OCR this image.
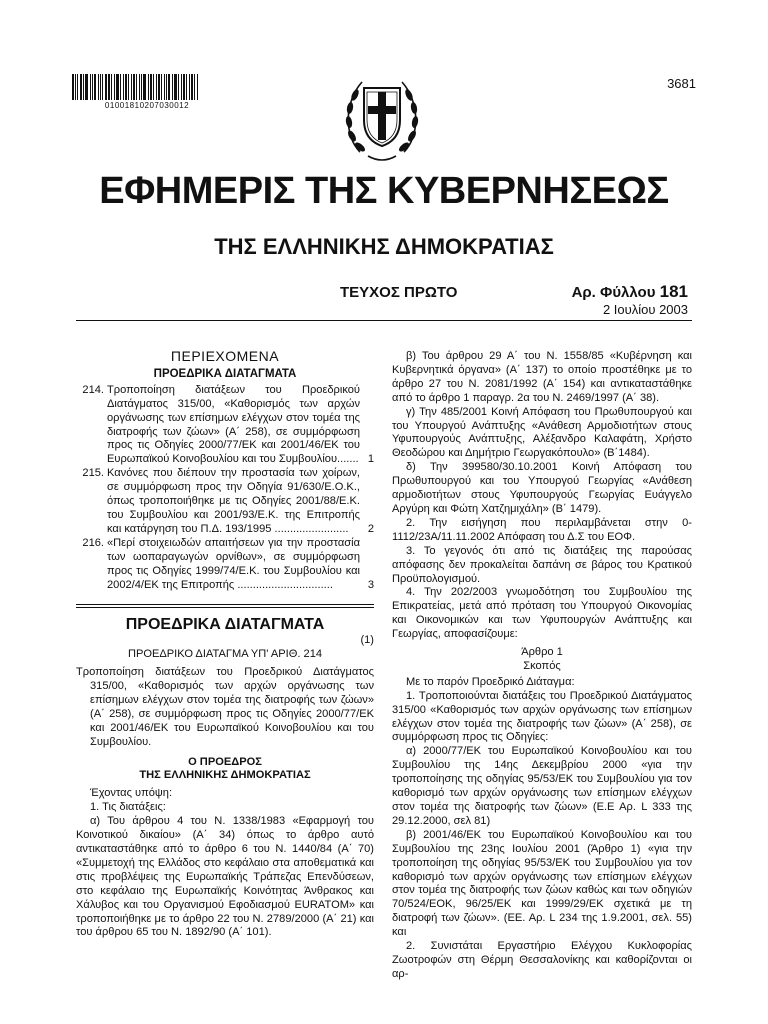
01001810207030012
3681
ΕΦΗΜΕΡΙΣ ΤΗΣ ΚΥΒΕΡΝΗΣΕΩΣ
ΤΗΣ ΕΛΛΗΝΙΚΗΣ ΔΗΜΟΚΡΑΤΙΑΣ
ΤΕΥΧΟΣ ΠΡΩΤΟ	Αρ. Φύλλου 181
2 Ιουλίου 2003
ΠΕΡΙΕΧΟΜΕΝΑ
ΠΡΟΕΔΡΙΚΑ ΔΙΑΤΑΓΜΑΤΑ
214. Τροποποίηση διατάξεων του Προεδρικού Διατάγματος 315/00, «Καθορισμός των αρχών οργάνωσης των επίσημων ελέγχων στον τομέα της διατροφής των ζώων» (Α΄ 258), σε συμμόρφωση προς τις Οδηγίες 2000/77/ΕΚ και 2001/46/ΕΚ του Ευρωπαϊκού Κοινοβουλίου και του Συμβουλίου....... 1
215. Κανόνες που διέπουν την προστασία των χοίρων, σε συμμόρφωση προς την Οδηγία 91/630/Ε.Ο.Κ., όπως τροποποιήθηκε με τις Οδηγίες 2001/88/Ε.Κ. του Συμβουλίου και 2001/93/Ε.Κ. της Επιτροπής και κατάργηση του Π.Δ. 193/1995 ........................	2
216. «Περί στοιχειωδών απαιτήσεων για την προστασία των ωοπαραγωγών ορνίθων», σε συμμόρφωση προς τις Οδηγίες 1999/74/Ε.Κ. του Συμβουλίου και 2002/4/ΕΚ της Επιτροπής ...............................	3
ΠΡΟΕΔΡΙΚΑ ΔΙΑΤΑΓΜΑΤΑ
(1)

ΠΡΟΕΔΡΙΚΟ ΔΙΑΤΑΓΜΑ ΥΠ' ΑΡΙΘ. 214

Τροποποίηση διατάξεων του Προεδρικού Διατάγματος 315/00, «Καθορισμός των αρχών οργάνωσης των επίσημων ελέγχων στον τομέα της διατροφής των ζώων» (Α΄ 258), σε συμμόρφωση προς τις Οδηγίες 2000/77/ΕΚ και 2001/46/ΕΚ του Ευρωπαϊκού Κοινοβουλίου και του Συμβουλίου.

Ο ΠΡΟΕΔΡΟΣ

ΤΗΣ ΕΛΛΗΝΙΚΗΣ ΔΗΜΟΚΡΑΤΙΑΣ

Έχοντας υπόψη:

1. Τις διατάξεις:

α) Του άρθρου 4 του Ν. 1338/1983 «Εφαρμογή του Κοινοτικού δικαίου» (Α΄ 34) όπως το άρθρο αυτό αντικαταστάθηκε από το άρθρο 6 του Ν. 1440/84 (Α΄ 70) «Συμμετοχή της Ελλάδος στο κεφάλαιο στα αποθεματικά και στις προβλέψεις της Ευρωπαϊκής Τράπεζας Επενδύσεων, στο κεφάλαιο της Ευρωπαϊκής Κοινότητας Άνθρακος και Χάλυβος και του Οργανισμού Εφοδιασμού EURATOM» και τροποποιήθηκε με το άρθρο 22 του Ν. 2789/2000 (Α΄ 21) και του άρθρου 65 του Ν. 1892/90 (Α΄ 101).

β) Του άρθρου 29 Α΄ του Ν. 1558/85 «Κυβέρνηση και Κυβερνητικά όργανα» (Α΄ 137) το οποίο προστέθηκε με το άρθρο 27 του Ν. 2081/1992 (Α΄ 154) και αντικαταστάθηκε από το άρθρο 1 παραγρ. 2α του Ν. 2469/1997 (Α΄ 38).

γ) Την 485/2001 Κοινή Απόφαση του Πρωθυπουργού και του Υπουργού Ανάπτυξης «Ανάθεση Αρμοδιοτήτων στους Υφυπουργούς Ανάπτυξης, Αλέξανδρο Καλαφάτη, Χρήστο Θεοδώρου και Δημήτριο Γεωργακόπουλο» (Β΄1484).

δ) Την 399580/30.10.2001 Κοινή Απόφαση του Πρωθυπουργού και του Υπουργού Γεωργίας «Ανάθεση αρμοδιοτήτων στους Υφυπουργούς Γεωργίας Ευάγγελο Αργύρη και Φώτη Χατζημιχάλη» (Β΄ 1479).

2. Την εισήγηση που περιλαμβάνεται στην 0-1112/23Α/11.11.2002 Απόφαση του Δ.Σ του ΕΟΦ.

3. Το γεγονός ότι από τις διατάξεις της παρούσας απόφασης δεν προκαλείται δαπάνη σε βάρος του Κρατικού Προϋπολογισμού.

4. Την 202/2003 γνωμοδότηση του Συμβουλίου της Επικρατείας, μετά από πρόταση του Υπουργού Οικονομίας και Οικονομικών και των Υφυπουργών Ανάπτυξης και Γεωργίας, αποφασίζουμε:

Άρθρο 1

Σκοπός

Με το παρόν Προεδρικό Διάταγμα:

1. Τροποποιούνται διατάξεις του Προεδρικού Διατάγματος 315/00 «Καθορισμός των αρχών οργάνωσης των επίσημων ελέγχων στον τομέα της διατροφής των ζώων» (Α΄ 258), σε συμμόρφωση προς τις Οδηγίες:

α) 2000/77/ΕΚ του Ευρωπαϊκού Κοινοβουλίου και του Συμβουλίου της 14ης Δεκεμβρίου 2000 «για την τροποποίησης της οδηγίας 95/53/ΕΚ του Συμβουλίου για τον καθορισμό των αρχών οργάνωσης των επίσημων ελέγχων στον τομέα της διατροφής των ζώων» (Ε.Ε Αρ. L 333 της 29.12.2000, σελ 81)

β) 2001/46/ΕΚ του Ευρωπαϊκού Κοινοβουλίου και του Συμβουλίου της 23ης Ιουλίου 2001 (Άρθρο 1) «για την τροποποίηση της οδηγίας 95/53/ΕΚ του Συμβουλίου για τον καθορισμό των αρχών οργάνωσης των επίσημων ελέγχων στον τομέα της διατροφής των ζώων καθώς και των οδηγιών 70/524/ΕΟΚ, 96/25/ΕΚ και 1999/29/ΕΚ σχετικά με τη διατροφή των ζώων». (ΕΕ. Αρ. L 234 της 1.9.2001, σελ. 55) και

2. Συνιστάται Εργαστήριο Ελέγχου Κυκλοφορίας Ζωοτροφών στη Θέρμη Θεσσαλονίκης και καθορίζονται οι αρ-
